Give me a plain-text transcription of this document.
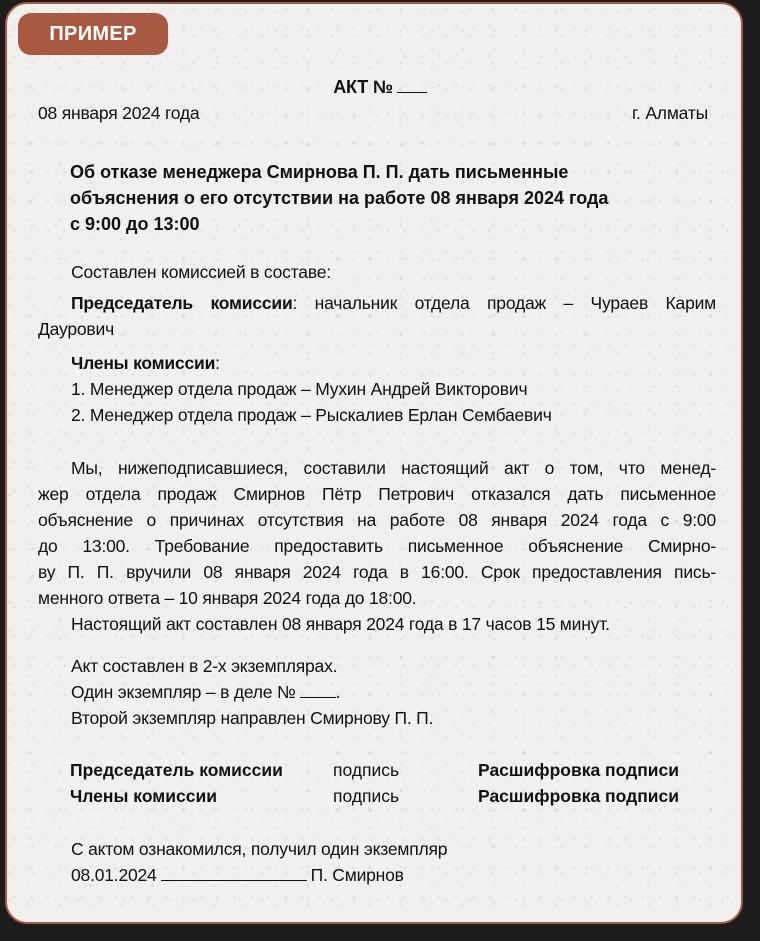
ПРИМЕР
АКТ №
08 января 2024 года	г. Алматы
Об отказе менеджера Смирнова П. П. дать письменные
объяснения о его отсутствии на работе 08 января 2024 года
с 9:00 до 13:00
Составлен комиссией в составе:
Председатель комиссии: начальник отдела продаж – Чураев Карим
Даурович
Члены комиссии:
1. Менеджер отдела продаж – Мухин Андрей Викторович
2. Менеджер отдела продаж – Рыскалиев Ерлан Сембаевич
Мы, нижеподписавшиеся, составили настоящий акт о том, что менед-
жер отдела продаж Смирнов Пётр Петрович отказался дать письменное
объяснение о причинах отсутствия на работе 08 января 2024 года с 9:00
до 13:00. Требование предоставить письменное объяснение Смирно-
ву П. П. вручили 08 января 2024 года в 16:00. Срок предоставления пись-
менного ответа – 10 января 2024 года до 18:00.
Настоящий акт составлен 08 января 2024 года в 17 часов 15 минут.
Акт составлен в 2-х экземплярах.
Один экземпляр – в деле № .
Второй экземпляр направлен Смирнову П. П.
Председатель комиссии	подпись	Расшифровка подписи
Члены комиссии	подпись	Расшифровка подписи
С актом ознакомился, получил один экземпляр
08.01.2024	П. Смирнов
